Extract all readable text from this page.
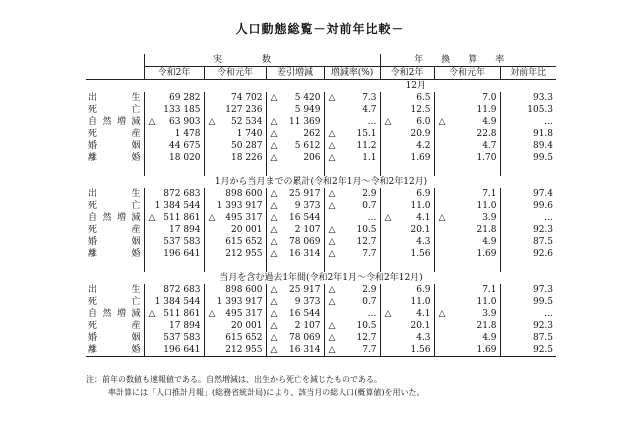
人口動態総覧－対前年比較－
	実数				年換算率		
	令和2年	令和元年	差引増減	増減率(%)	令和2年	令和元年	対前年比
12月							
出生	69 282	74 702	△ 5 420	△ 7.3	6.5	7.0	93.3
死亡	133 185	127 236	5 949	4.7	12.5	11.9	105.3
自然増減	△ 63 903	△ 52 534	△ 11 369	…	△ 6.0	△ 4.9	…
死産	1 478	1 740	△ 262	△ 15.1	20.9	22.8	91.8
婚姻	44 675	50 287	△ 5 612	△ 11.2	4.2	4.7	89.4
離婚	18 020	18 226	△ 206	△ 1.1	1.69	1.70	99.5

1月から当月までの累計(令和2年1月～令和2年12月)							
出生	872 683	898 600	△ 25 917	△ 2.9	6.9	7.1	97.4
死亡	1 384 544	1 393 917	△ 9 373	△ 0.7	11.0	11.0	99.6
自然増減	△ 511 861	△ 495 317	△ 16 544	…	△ 4.1	△ 3.9	…
死産	17 894	20 001	△ 2 107	△ 10.5	20.1	21.8	92.3
婚姻	537 583	615 652	△ 78 069	△ 12.7	4.3	4.9	87.5
離婚	196 641	212 955	△ 16 314	△ 7.7	1.56	1.69	92.6

当月を含む過去1年間(令和2年1月～令和2年12月)							
出生	872 683	898 600	△ 25 917	△ 2.9	6.9	7.1	97.3
死亡	1 384 544	1 393 917	△ 9 373	△ 0.7	11.0	11.0	99.5
自然増減	△ 511 861	△ 495 317	△ 16 544	…	△ 4.1	△ 3.9	…
死産	17 894	20 001	△ 2 107	△ 10.5	20.1	21.8	92.3
婚姻	537 583	615 652	△ 78 069	△ 12.7	4.3	4.9	87.5
離婚	196 641	212 955	△ 16 314	△ 7.7	1.56	1.69	92.5
注：前年の数値も速報値である。自然増減は、出生から死亡を減じたものである。
率計算には「人口推計月報」(総務省統計局)により、該当月の総人口(概算値)を用いた。
